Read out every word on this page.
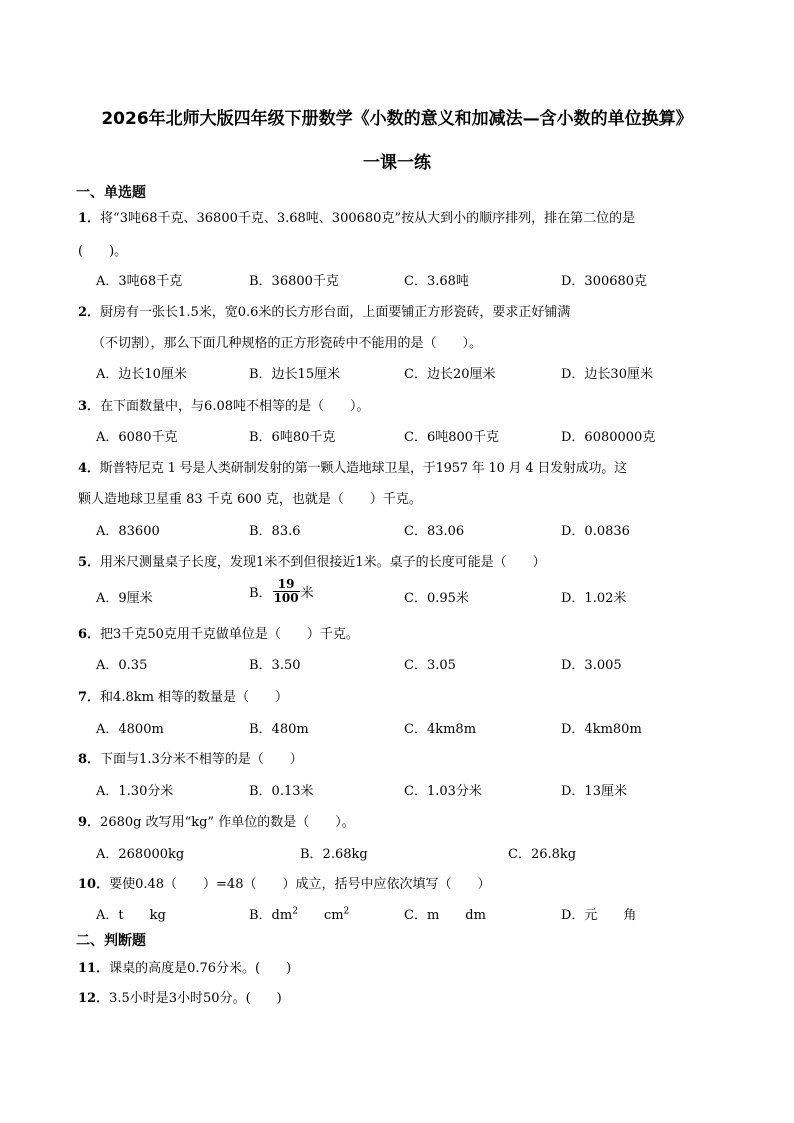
2026年北师大版四年级下册数学《小数的意义和加减法—含小数的单位换算》
一课一练
一、单选题
1．将“3吨68千克、36800千克、3.68吨、300680克”按从大到小的顺序排列，排在第二位的是
(　　)。
A．3吨68千克	B．36800千克	C．3.68吨	D．300680克
2．厨房有一张长1.5米，宽0.6米的长方形台面，上面要铺正方形瓷砖，要求正好铺满
（不切割），那么下面几种规格的正方形瓷砖中不能用的是（　　）。
A．边长10厘米	B．边长15厘米	C．边长20厘米	D．边长30厘米
3．在下面数量中，与6.08吨不相等的是（　　）。
A．6080千克	B．6吨80千克	C．6吨800千克	D．6080000克
4．斯普特尼克 1 号是人类研制发射的第一颗人造地球卫星，于1957 年 10 月 4 日发射成功。这
颗人造地球卫星重 83 千克 600 克，也就是（　　）千克。
A．83600	B．83.6	C．83.06	D．0.0836
5．用米尺测量桌子长度，发现1米不到但很接近1米。桌子的长度可能是（　　）
A．9厘米	B． $\frac{19}{100}$ 米	C．0.95米	D．1.02米
6．把3千克50克用千克做单位是（　　）千克。
A．0.35	B．3.50	C．3.05	D．3.005
7．和4.8km 相等的数量是（　　）
A．4800m	B．480m	C．4km8m	D．4km80m
8．下面与1.3分米不相等的是（　　）
A．1.30分米	B．0.13米	C．1.03分米	D．13厘米
9．2680g 改写用“kg” 作单位的数是（　　）。
A．268000kg	B．2.68kg	C．26.8kg
10．要使0.48（　　）=48（　　）成立，括号中应依次填写（　　）
A．t　　kg	B．$dm^2$　　$cm^2$	C．m　　dm	D．元　　角
二、判断题
11．课桌的高度是0.76分米。(　　)
12．3.5小时是3小时50分。(　　)
